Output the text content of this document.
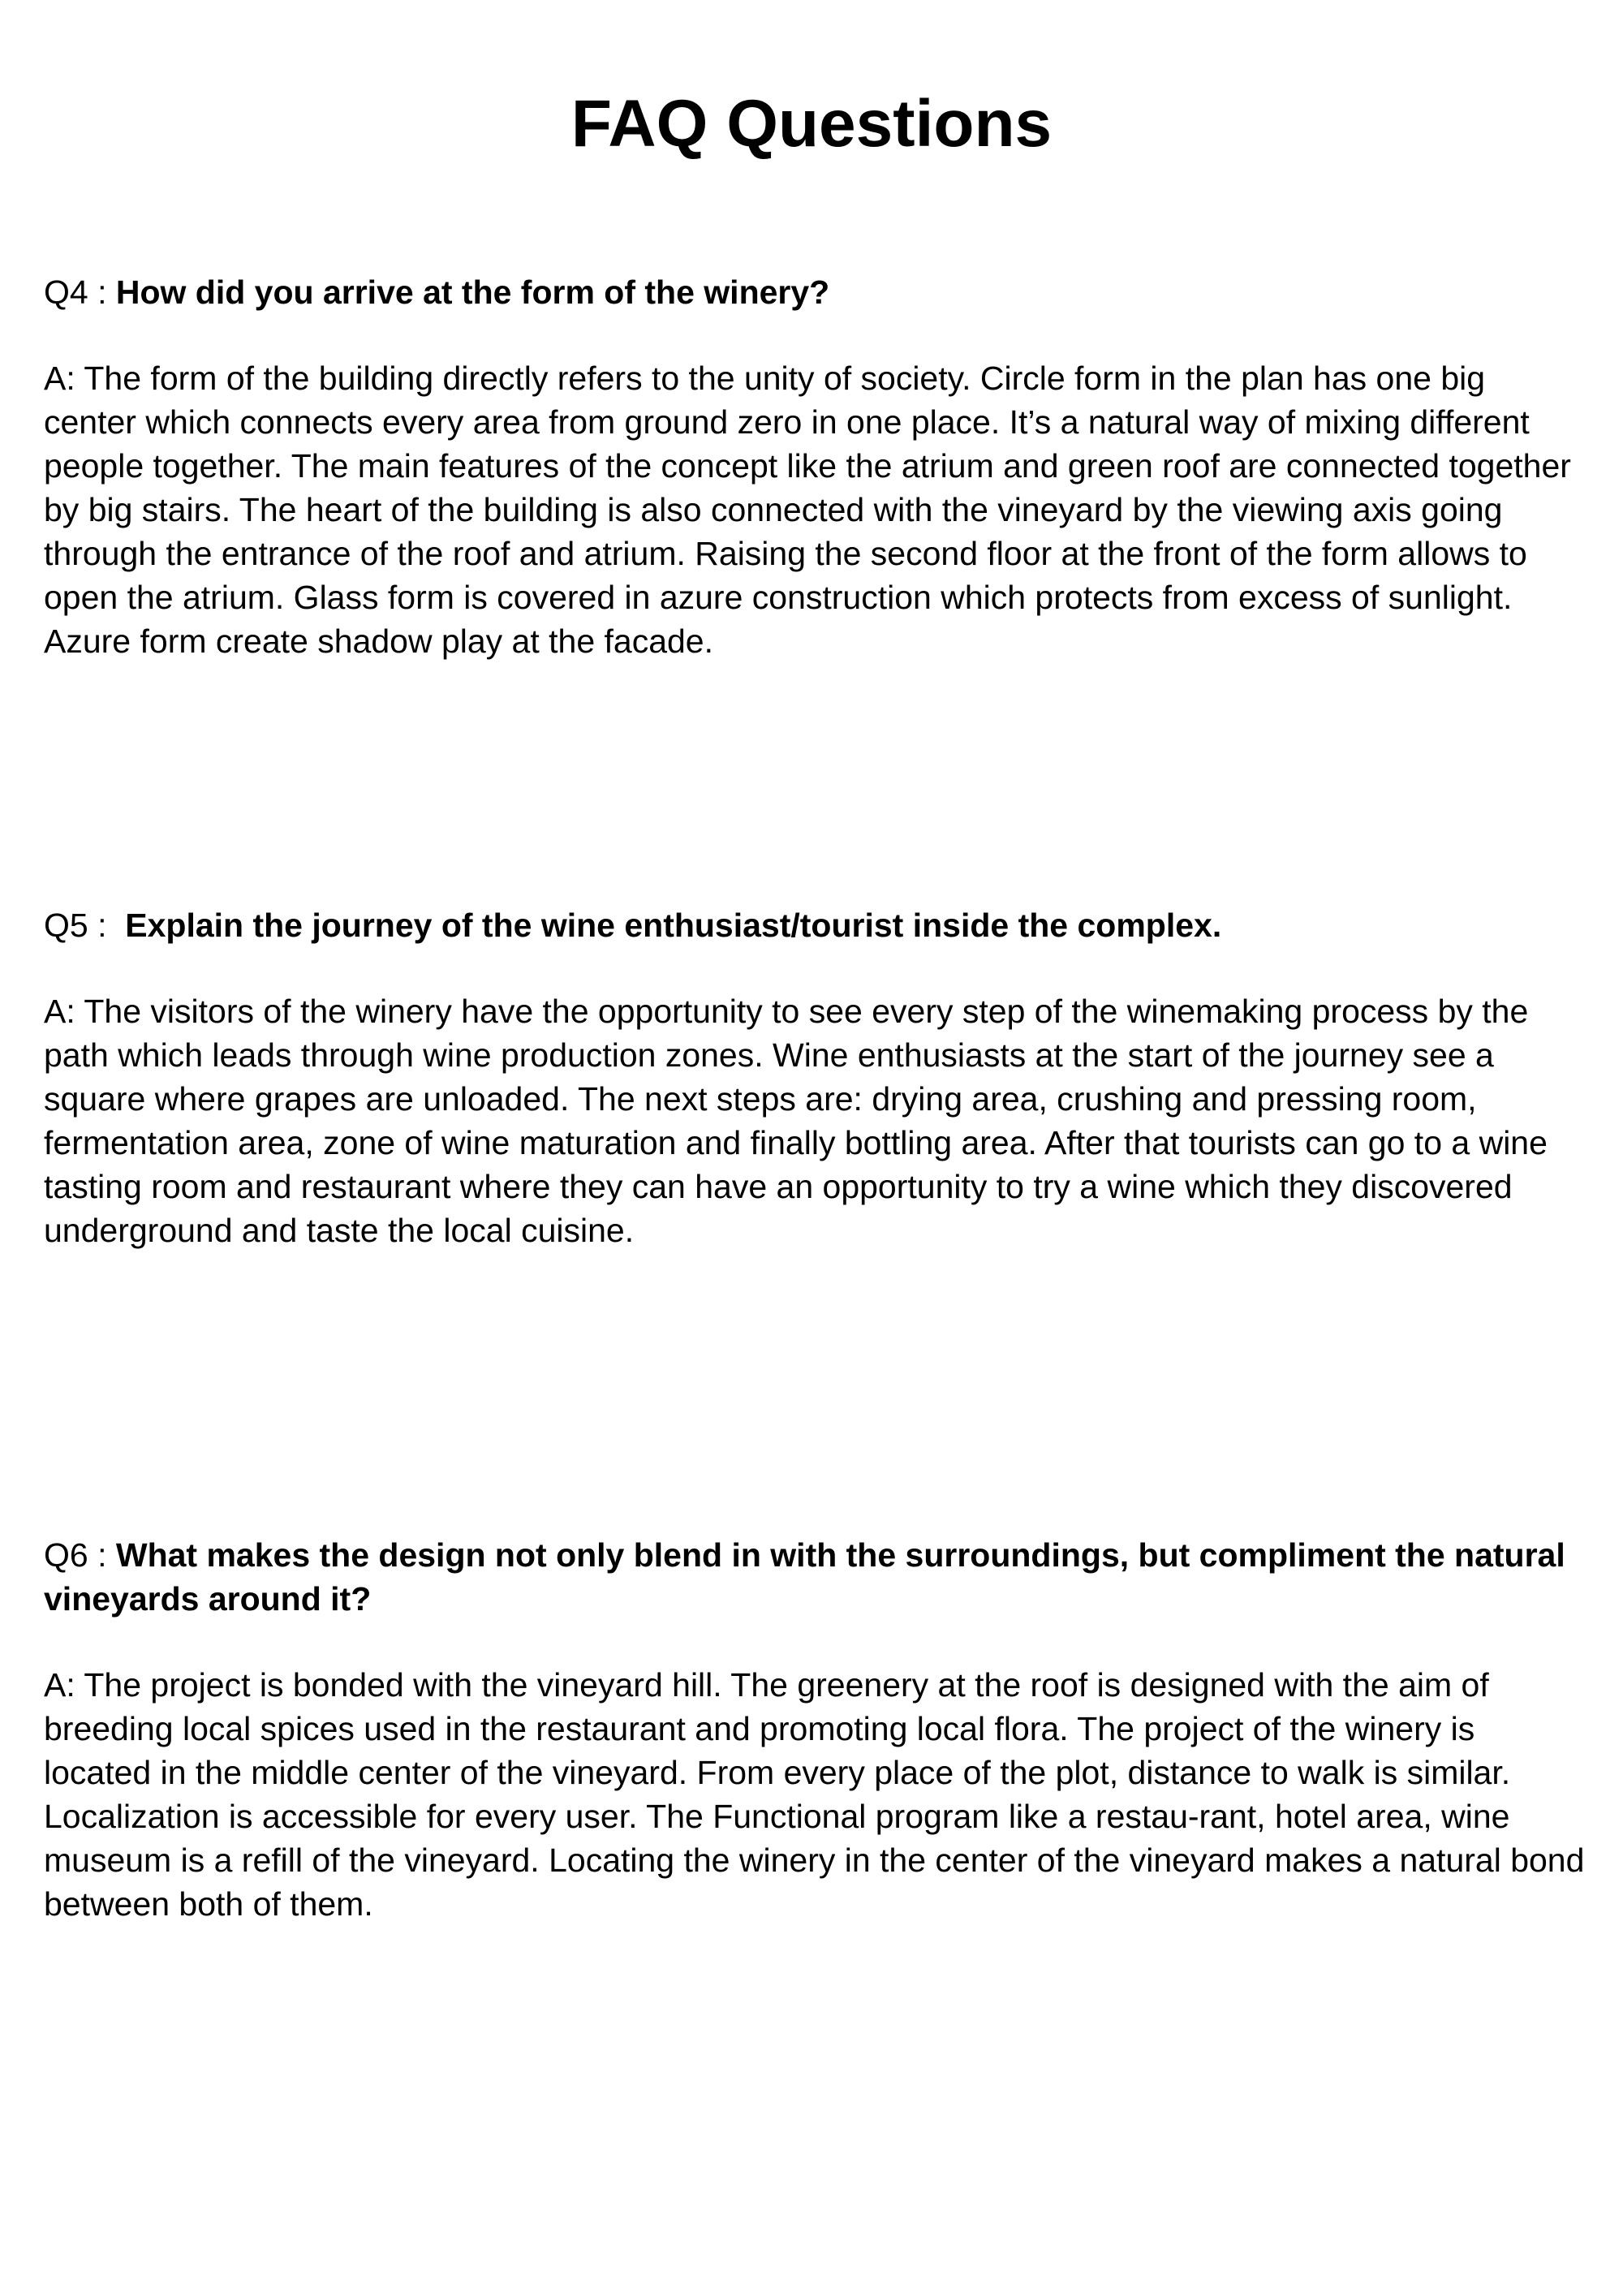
FAQ Questions

Q4 : How did you arrive at the form of the winery?

A: The form of the building directly refers to the unity of society. Circle form in the plan has one big center which connects every area from ground zero in one place. It’s a natural way of mixing different people together. The main features of the concept like the atrium and green roof are connected together by big stairs. The heart of the building is also connected with the vineyard by the viewing axis going through the entrance of the roof and atrium. Raising the second floor at the front of the form allows to open the atrium. Glass form is covered in azure construction which protects from excess of sunlight. Azure form create shadow play at the facade.

Q5 :  Explain the journey of the wine enthusiast/tourist inside the complex.

A: The visitors of the winery have the opportunity to see every step of the winemaking process by the path which leads through wine production zones. Wine enthusiasts at the start of the journey see a square where grapes are unloaded. The next steps are: drying area, crushing and pressing room, fermentation area, zone of wine maturation and finally bottling area. After that tourists can go to a wine tasting room and restaurant where they can have an opportunity to try a wine which they discovered underground and taste the local cuisine.

Q6 : What makes the design not only blend in with the surroundings, but compliment the natural vineyards around it?

A: The project is bonded with the vineyard hill. The greenery at the roof is designed with the aim of breeding local spices used in the restaurant and promoting local flora. The project of the winery is located in the middle center of the vineyard. From every place of the plot, distance to walk is similar. Localization is accessible for every user. The Functional program like a restau-rant, hotel area, wine museum is a refill of the vineyard. Locating the winery in the center of the vineyard makes a natural bond between both of them.
